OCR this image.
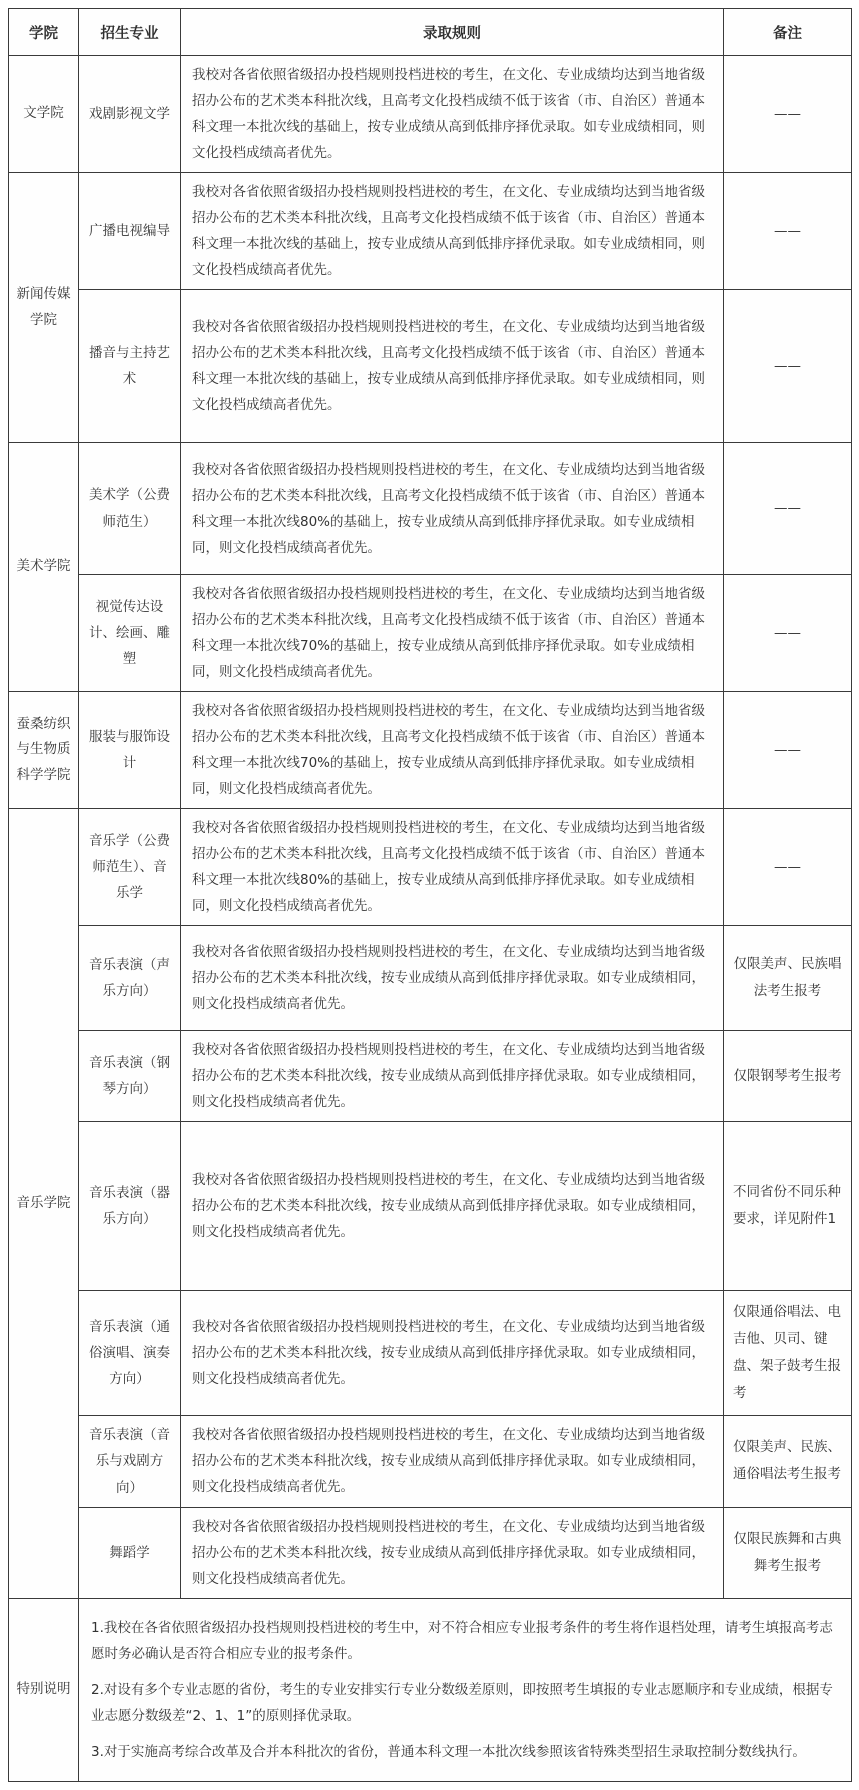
学院	招生专业	录取规则	备注
文学院	戏剧影视文学	我校对各省依照省级招办投档规则投档进校的考生，在文化、专业成绩均达到当地省级招办公布的艺术类本科批次线，且高考文化投档成绩不低于该省（市、自治区）普通本科文理一本批次线的基础上，按专业成绩从高到低排序择优录取。如专业成绩相同，则文化投档成绩高者优先。	——
新闻传媒学院	广播电视编导	我校对各省依照省级招办投档规则投档进校的考生，在文化、专业成绩均达到当地省级招办公布的艺术类本科批次线，且高考文化投档成绩不低于该省（市、自治区）普通本科文理一本批次线的基础上，按专业成绩从高到低排序择优录取。如专业成绩相同，则文化投档成绩高者优先。	——
	播音与主持艺术	我校对各省依照省级招办投档规则投档进校的考生，在文化、专业成绩均达到当地省级招办公布的艺术类本科批次线，且高考文化投档成绩不低于该省（市、自治区）普通本科文理一本批次线的基础上，按专业成绩从高到低排序择优录取。如专业成绩相同，则文化投档成绩高者优先。	——
美术学院	美术学（公费师范生）	我校对各省依照省级招办投档规则投档进校的考生，在文化、专业成绩均达到当地省级招办公布的艺术类本科批次线，且高考文化投档成绩不低于该省（市、自治区）普通本科文理一本批次线80%的基础上，按专业成绩从高到低排序择优录取。如专业成绩相同，则文化投档成绩高者优先。	——
	视觉传达设计、绘画、雕塑	我校对各省依照省级招办投档规则投档进校的考生，在文化、专业成绩均达到当地省级招办公布的艺术类本科批次线，且高考文化投档成绩不低于该省（市、自治区）普通本科文理一本批次线70%的基础上，按专业成绩从高到低排序择优录取。如专业成绩相同，则文化投档成绩高者优先。	——
蚕桑纺织与生物质科学学院	服装与服饰设计	我校对各省依照省级招办投档规则投档进校的考生，在文化、专业成绩均达到当地省级招办公布的艺术类本科批次线，且高考文化投档成绩不低于该省（市、自治区）普通本科文理一本批次线70%的基础上，按专业成绩从高到低排序择优录取。如专业成绩相同，则文化投档成绩高者优先。	——
音乐学院	音乐学（公费师范生）、音乐学	我校对各省依照省级招办投档规则投档进校的考生，在文化、专业成绩均达到当地省级招办公布的艺术类本科批次线，且高考文化投档成绩不低于该省（市、自治区）普通本科文理一本批次线80%的基础上，按专业成绩从高到低排序择优录取。如专业成绩相同，则文化投档成绩高者优先。	——
	音乐表演（声乐方向）	我校对各省依照省级招办投档规则投档进校的考生，在文化、专业成绩均达到当地省级招办公布的艺术类本科批次线，按专业成绩从高到低排序择优录取。如专业成绩相同，则文化投档成绩高者优先。	仅限美声、民族唱法考生报考
	音乐表演（钢琴方向）	我校对各省依照省级招办投档规则投档进校的考生，在文化、专业成绩均达到当地省级招办公布的艺术类本科批次线，按专业成绩从高到低排序择优录取。如专业成绩相同，则文化投档成绩高者优先。	仅限钢琴考生报考
	音乐表演（器乐方向）	我校对各省依照省级招办投档规则投档进校的考生，在文化、专业成绩均达到当地省级招办公布的艺术类本科批次线，按专业成绩从高到低排序择优录取。如专业成绩相同，则文化投档成绩高者优先。	不同省份不同乐种要求，详见附件1
	音乐表演（通俗演唱、演奏方向）	我校对各省依照省级招办投档规则投档进校的考生，在文化、专业成绩均达到当地省级招办公布的艺术类本科批次线，按专业成绩从高到低排序择优录取。如专业成绩相同，则文化投档成绩高者优先。	仅限通俗唱法、电吉他、贝司、键盘、架子鼓考生报考
	音乐表演（音乐与戏剧方向）	我校对各省依照省级招办投档规则投档进校的考生，在文化、专业成绩均达到当地省级招办公布的艺术类本科批次线，按专业成绩从高到低排序择优录取。如专业成绩相同，则文化投档成绩高者优先。	仅限美声、民族、通俗唱法考生报考
	舞蹈学	我校对各省依照省级招办投档规则投档进校的考生，在文化、专业成绩均达到当地省级招办公布的艺术类本科批次线，按专业成绩从高到低排序择优录取。如专业成绩相同，则文化投档成绩高者优先。	仅限民族舞和古典舞考生报考
特别说明	1.我校在各省依照省级招办投档规则投档进校的考生中，对不符合相应专业报考条件的考生将作退档处理，请考生填报高考志愿时务必确认是否符合相应专业的报考条件。

2.对设有多个专业志愿的省份，考生的专业安排实行专业分数级差原则，即按照考生填报的专业志愿顺序和专业成绩，根据专业志愿分数级差“2、1、1”的原则择优录取。

3.对于实施高考综合改革及合并本科批次的省份，普通本科文理一本批次线参照该省特殊类型招生录取控制分数线执行。		
